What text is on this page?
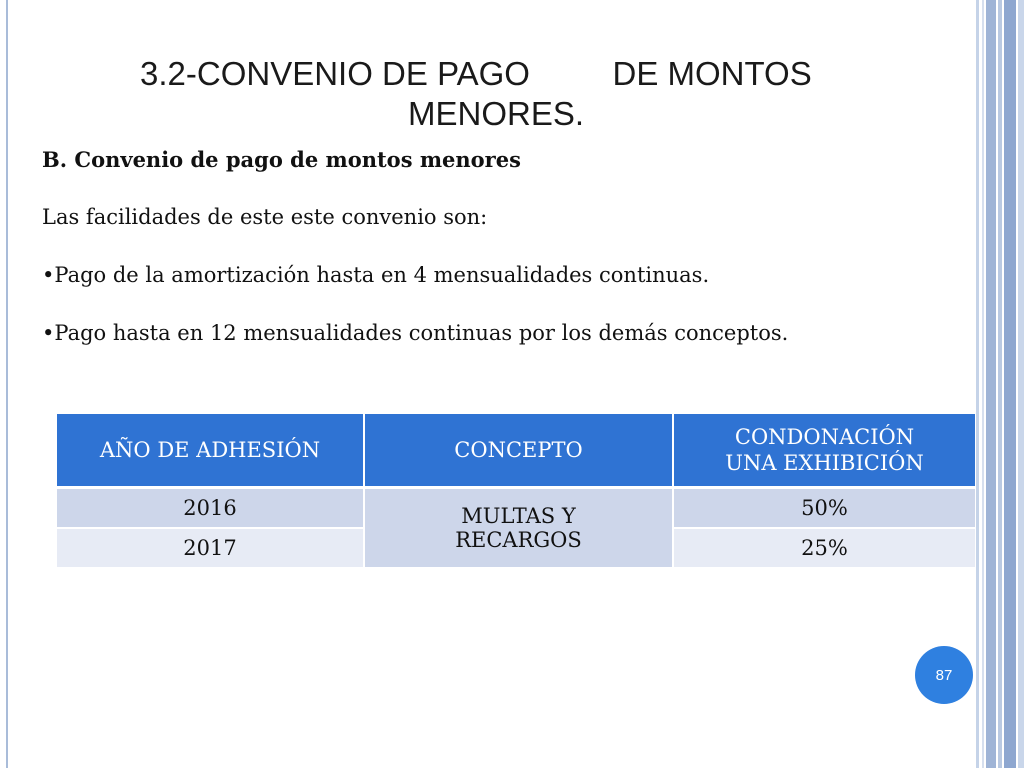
3.2-CONVENIO DE PAGO         DE MONTOS
MENORES.

B. Convenio de pago de montos menores

Las facilidades de este este convenio son:

•Pago de la amortización hasta en 4 mensualidades continuas.

•Pago hasta en 12 mensualidades continuas por los demás conceptos.

AÑO DE ADHESIÓN	CONCEPTO	CONDONACIÓN UNA EXHIBICIÓN
2016	MULTAS Y RECARGOS	50%
2017		25%
87
